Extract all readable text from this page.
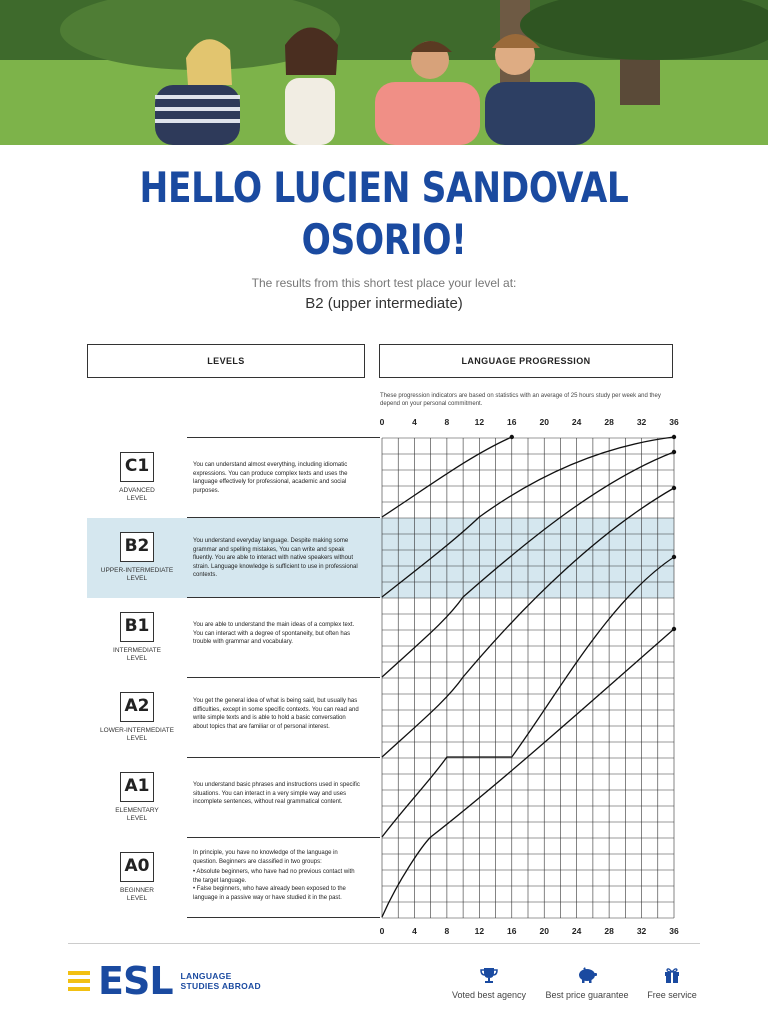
HELLO LUCIEN SANDOVAL OSORIO!
The results from this short test place your level at:
B2 (upper intermediate)
LEVELS	LANGUAGE PROGRESSION
These progression indicators are based on statistics with an average of 25 hours study per week and they depend on your personal commitment.
C1
ADVANCED
LEVEL
You can understand almost everything, including idiomatic expressions. You can produce complex texts and uses the language effectively for professional, academic and social purposes.
B2
UPPER-INTERMEDIATE
LEVEL
You understand everyday language. Despite making some grammar and spelling mistakes, You can write and speak fluently. You are able to interact with native speakers without strain. Language knowledge is sufficient to use in professional contexts.
B1
INTERMEDIATE
LEVEL
You are able to understand the main ideas of a complex text. You can interact with a degree of spontaneity, but often has trouble with grammar and vocabulary.
A2
LOWER-INTERMEDIATE
LEVEL
You get the general idea of what is being said, but usually has difficulties, except in some specific contexts. You can read and write simple texts and is able to hold a basic conversation about topics that are familiar or of personal interest.
A1
ELEMENTARY
LEVEL
You understand basic phrases and instructions used in specific situations. You can interact in a very simple way and uses incomplete sentences, without real grammatical content.
A0
BEGINNER
LEVEL
In principle, you have no knowledge of the language in question. Beginners are classified in two groups:
• Absolute beginners, who have had no previous contact with the target language.
• False beginners, who have already been exposed to the language in a passive way or have studied it in the past.
0
0
4
4
8
8
12
12
16
16
20
20
24
24
28
28
32
32
36
36
ESL LANGUAGE
STUDIES ABROAD
Voted best agency	Best price guarantee	Free service
